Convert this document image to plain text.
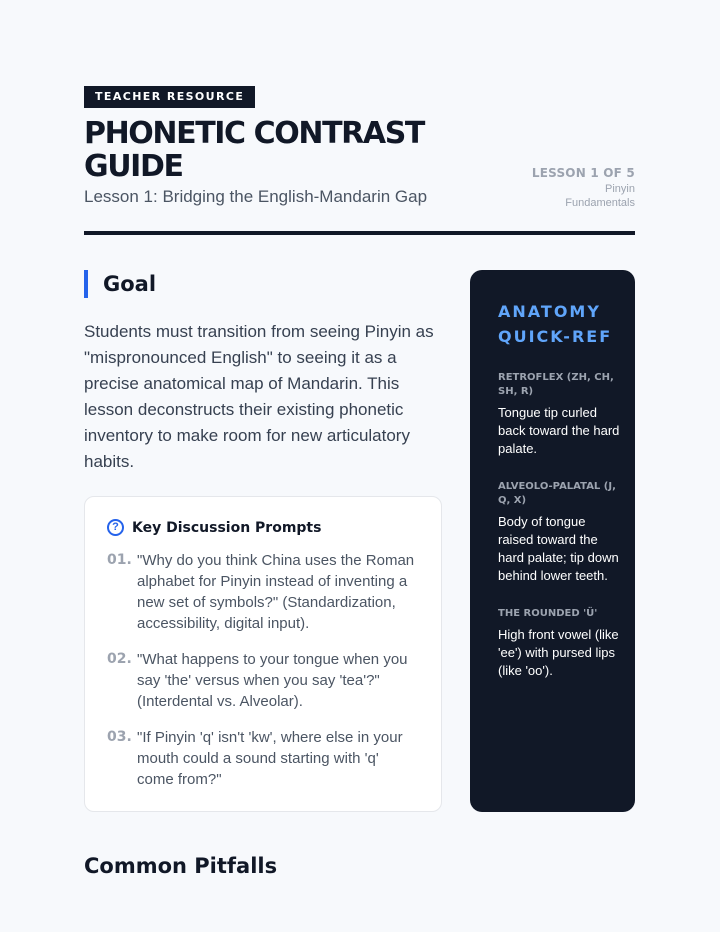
TEACHER RESOURCE
PHONETIC CONTRAST GUIDE
Lesson 1: Bridging the English-Mandarin Gap
LESSON 1 OF 5
Pinyin Fundamentals
Goal

Students must transition from seeing Pinyin as "mispronounced English" to seeing it as a precise anatomical map of Mandarin. This lesson deconstructs their existing phonetic inventory to make room for new articulatory habits.

? Key Discussion Prompts
01. "Why do you think China uses the Roman alphabet for Pinyin instead of inventing a new set of symbols?" (Standardization, accessibility, digital input).
02. "What happens to your tongue when you say 'the' versus when you say 'tea'?" (Interdental vs. Alveolar).
03. "If Pinyin 'q' isn't 'kw', where else in your mouth could a sound starting with 'q' come from?"
Common Pitfalls
ANATOMY QUICK-REF
RETROFLEX (ZH, CH, SH, R)
Tongue tip curled back toward the hard palate.
ALVEOLO-PALATAL (J, Q, X)
Body of tongue raised toward the hard palate; tip down behind lower teeth.
THE ROUNDED 'Ü'
High front vowel (like 'ee') with pursed lips (like 'oo').
